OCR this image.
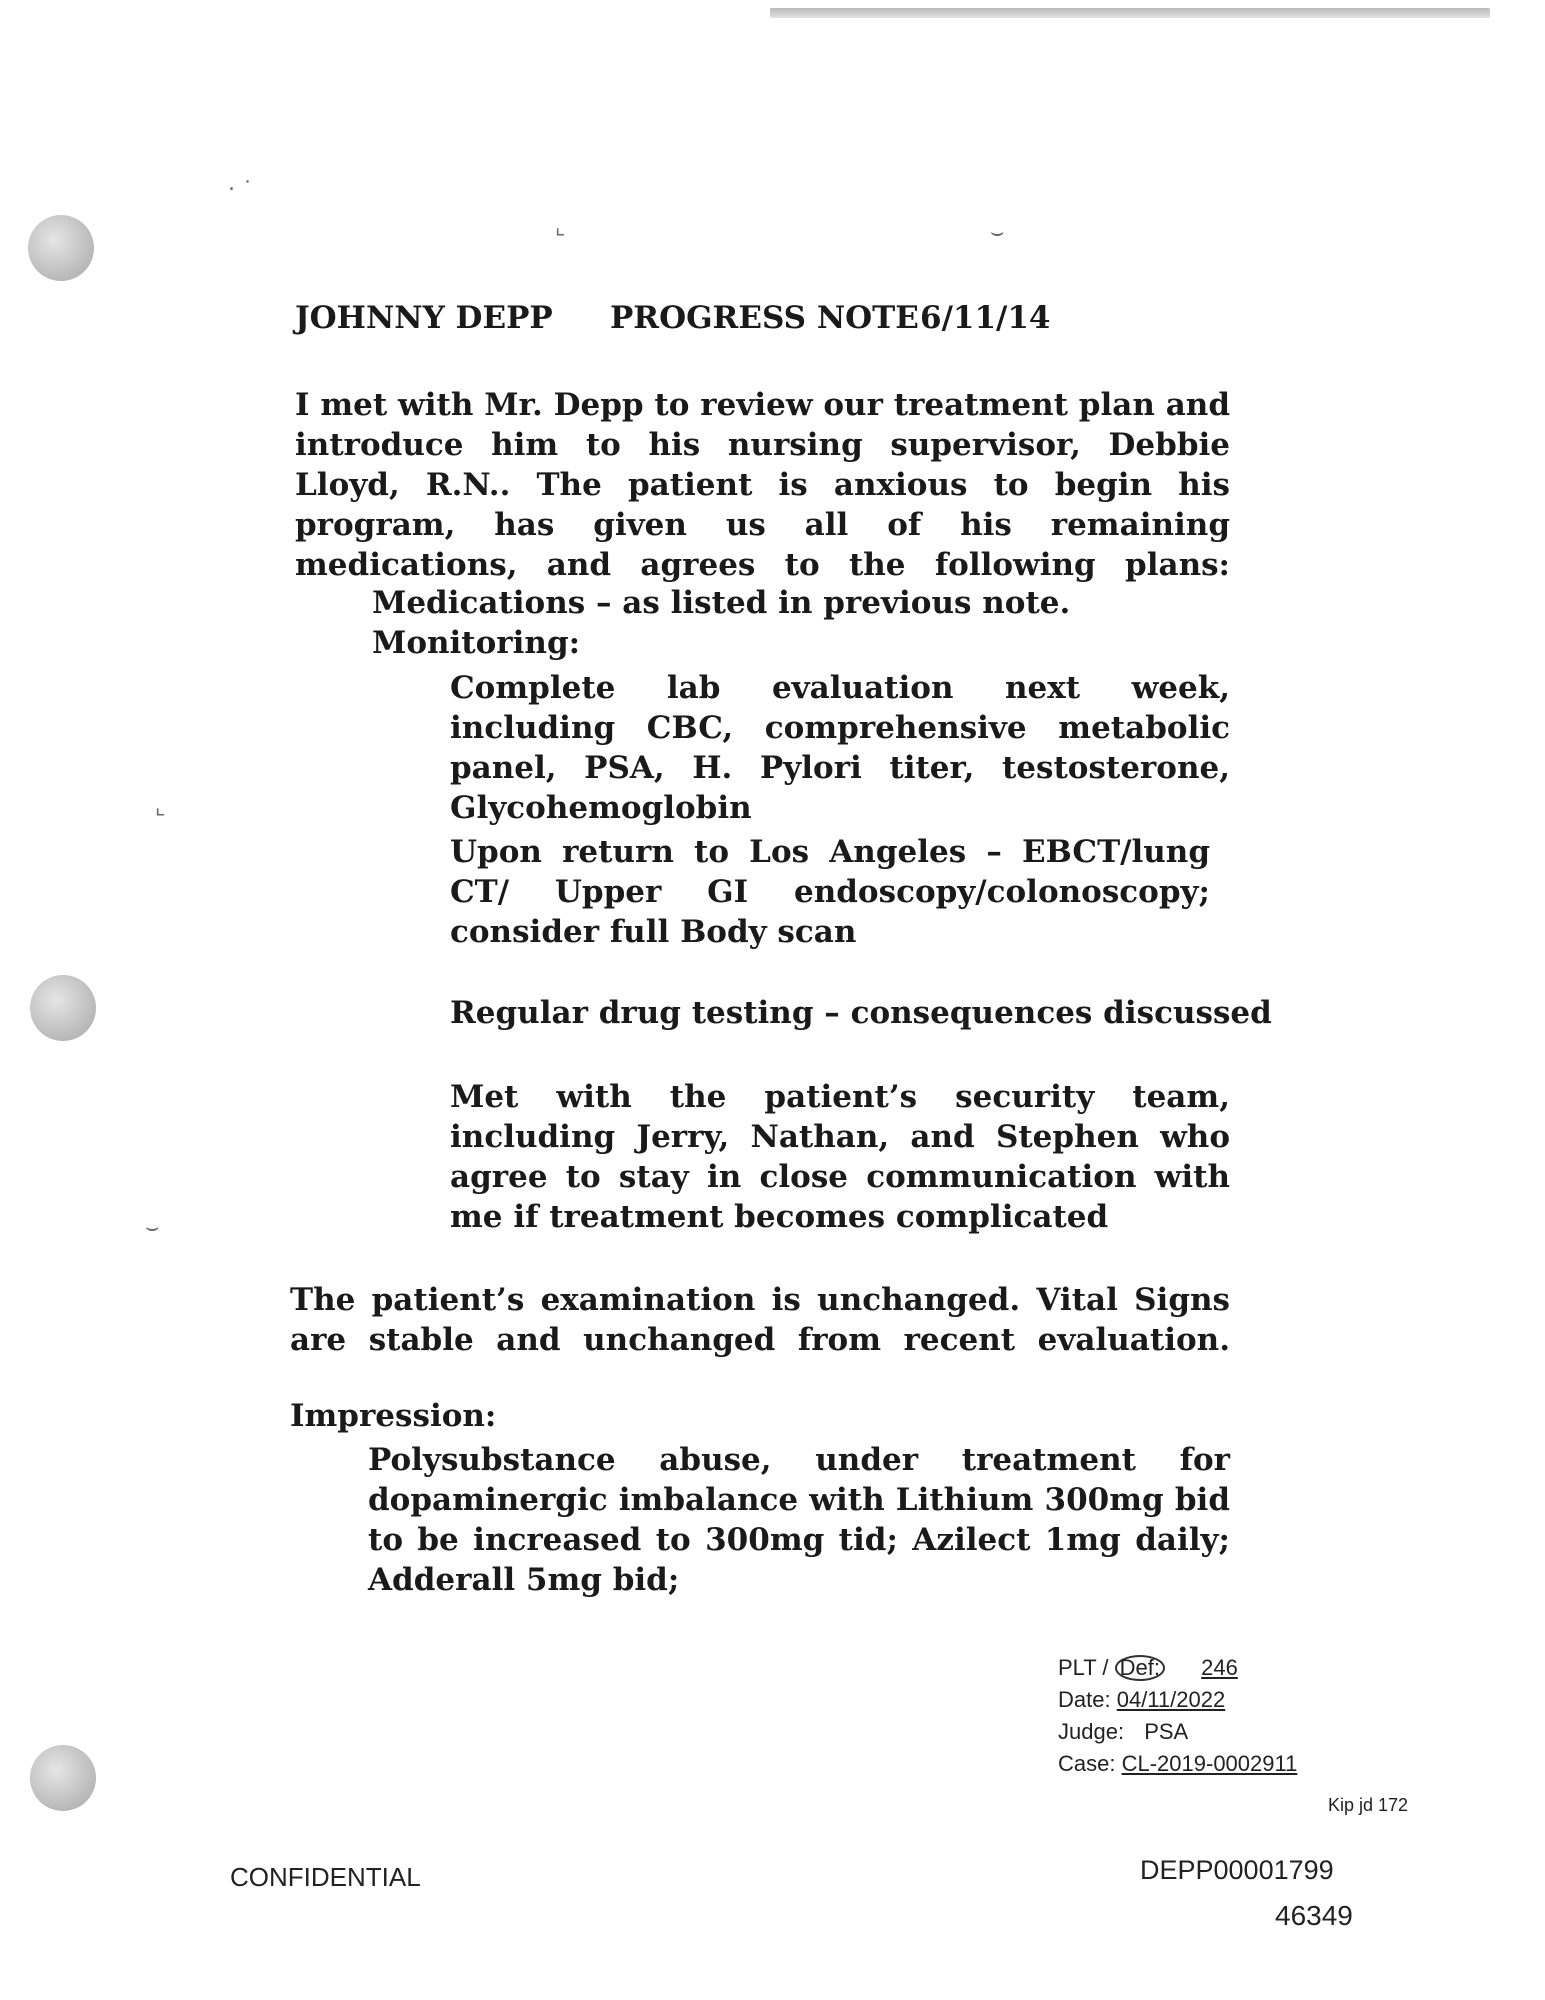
‧ ˙
⌞	⌣
⌞
⌣
JOHNNY DEPP PROGRESS NOTE 6/11/14
I met with Mr. Depp to review our treatment plan and introduce him to his nursing supervisor, Debbie Lloyd, R.N.. The patient is anxious to begin his program, has given us all of his remaining medications, and agrees to the following plans:
Medications – as listed in previous note.
Monitoring:
Complete lab evaluation next week, including CBC, comprehensive metabolic panel, PSA, H. Pylori titer, testosterone, Glycohemoglobin
Upon return to Los Angeles – EBCT/lung CT/ Upper GI endoscopy/colonoscopy; consider full Body scan
Regular drug testing – consequences discussed
Met with the patient’s security team, including Jerry, Nathan, and Stephen who agree to stay in close communication with me if treatment becomes complicated
The patient’s examination is unchanged. Vital Signs are stable and unchanged from recent evaluation.
Impression:
Polysubstance abuse, under treatment for dopaminergic imbalance with Lithium 300mg bid to be increased to 300mg tid; Azilect 1mg daily; Adderall 5mg bid;
PLT / Def: 246
Date: 04/11/2022
Judge: PSA
Case: CL-2019-0002911
Kip jd 172
CONFIDENTIAL	DEPP00001799
46349
